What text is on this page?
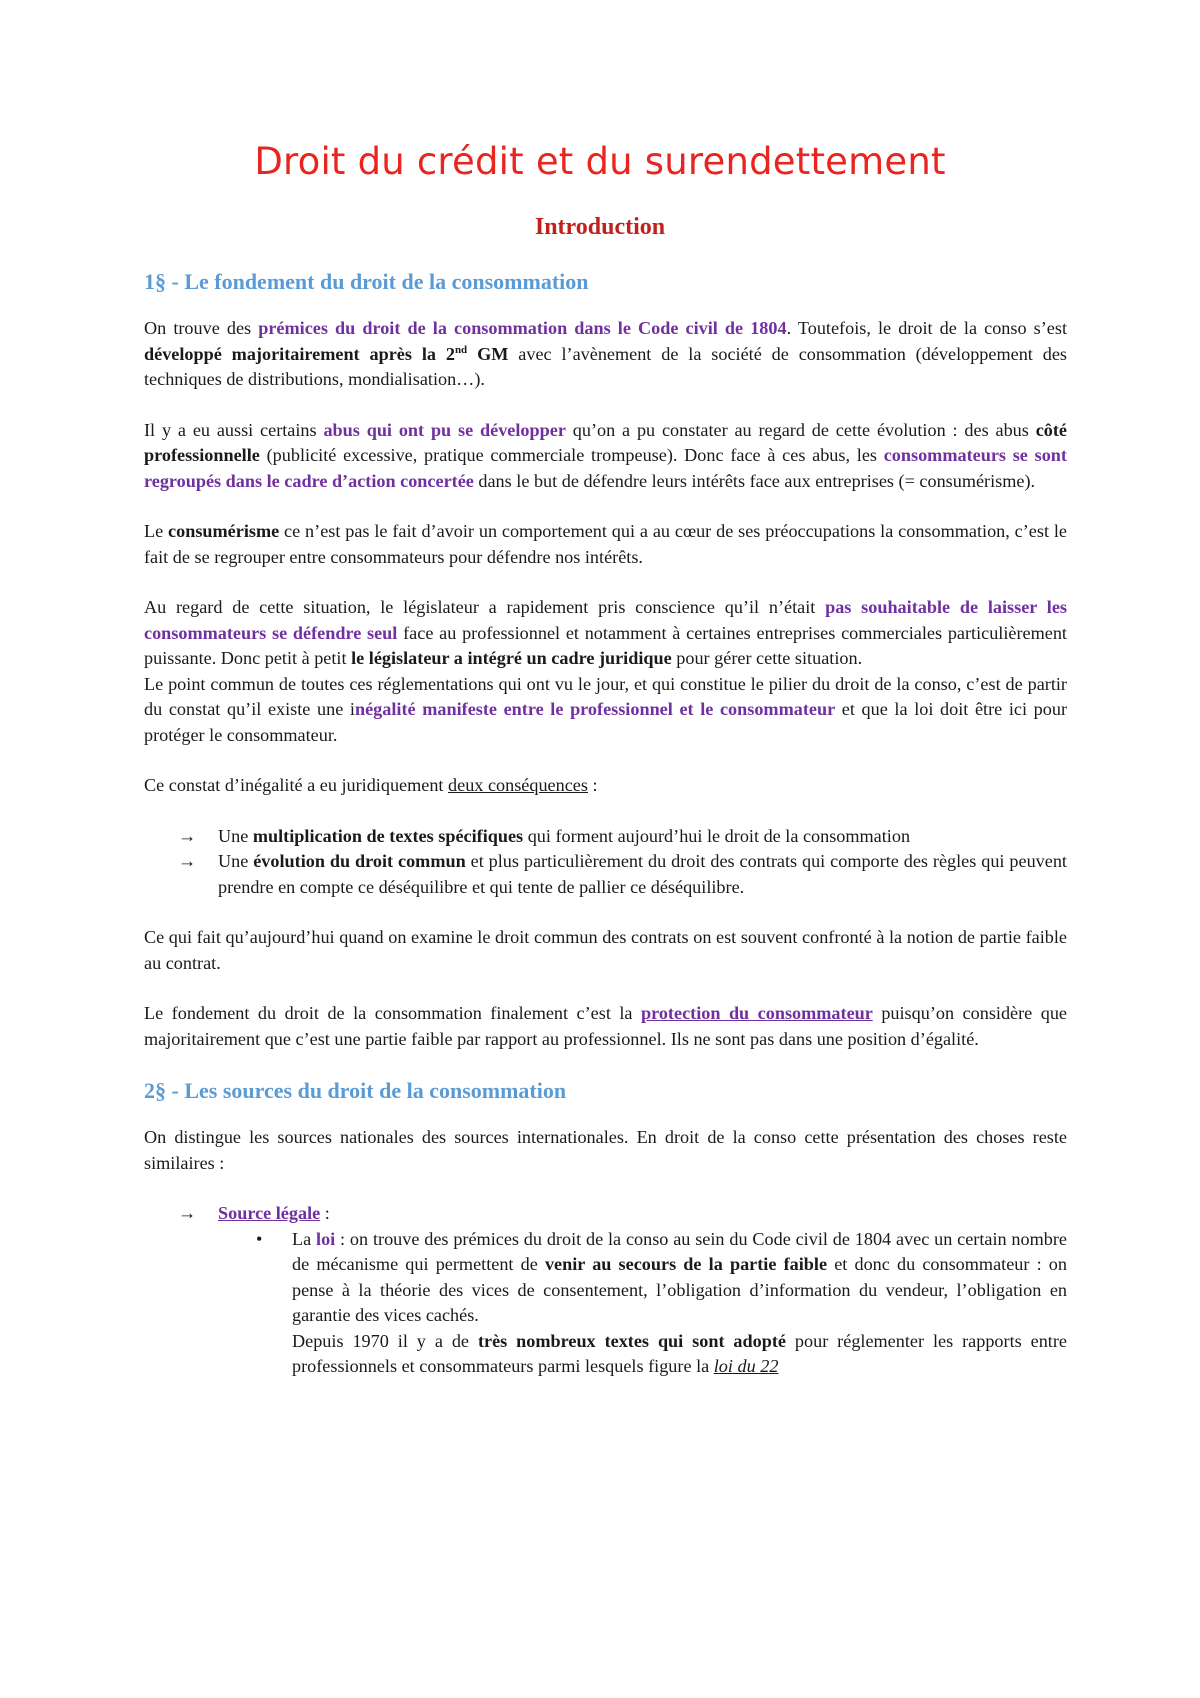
Droit du crédit et du surendettement
Introduction
1§ - Le fondement du droit de la consommation

On trouve des prémices du droit de la consommation dans le Code civil de 1804. Toutefois, le droit de la conso s’est développé majoritairement après la 2nd GM avec l’avènement de la société de consommation (développement des techniques de distributions, mondialisation…).

Il y a eu aussi certains abus qui ont pu se développer qu’on a pu constater au regard de cette évolution : des abus côté professionnelle (publicité excessive, pratique commerciale trompeuse). Donc face à ces abus, les consommateurs se sont regroupés dans le cadre d’action concertée dans le but de défendre leurs intérêts face aux entreprises (= consumérisme).

Le consumérisme ce n’est pas le fait d’avoir un comportement qui a au cœur de ses préoccupations la consommation, c’est le fait de se regrouper entre consommateurs pour défendre nos intérêts.

Au regard de cette situation, le législateur a rapidement pris conscience qu’il n’était pas souhaitable de laisser les consommateurs se défendre seul face au professionnel et notamment à certaines entreprises commerciales particulièrement puissante. Donc petit à petit le législateur a intégré un cadre juridique pour gérer cette situation.

Le point commun de toutes ces réglementations qui ont vu le jour, et qui constitue le pilier du droit de la conso, c’est de partir du constat qu’il existe une inégalité manifeste entre le professionnel et le consommateur et que la loi doit être ici pour protéger le consommateur.

Ce constat d’inégalité a eu juridiquement deux conséquences :

→ Une multiplication de textes spécifiques qui forment aujourd’hui le droit de la consommation
→ Une évolution du droit commun et plus particulièrement du droit des contrats qui comporte des règles qui peuvent prendre en compte ce déséquilibre et qui tente de pallier ce déséquilibre.

Ce qui fait qu’aujourd’hui quand on examine le droit commun des contrats on est souvent confronté à la notion de partie faible au contrat.

Le fondement du droit de la consommation finalement c’est la protection du consommateur puisqu’on considère que majoritairement que c’est une partie faible par rapport au professionnel. Ils ne sont pas dans une position d’égalité.

2§ - Les sources du droit de la consommation

On distingue les sources nationales des sources internationales. En droit de la conso cette présentation des choses reste similaires :

→ Source légale :
• La loi : on trouve des prémices du droit de la conso au sein du Code civil de 1804 avec un certain nombre de mécanisme qui permettent de venir au secours de la partie faible et donc du consommateur : on pense à la théorie des vices de consentement, l’obligation d’information du vendeur, l’obligation en garantie des vices cachés.
Depuis 1970 il y a de très nombreux textes qui sont adopté pour réglementer les rapports entre professionnels et consommateurs parmi lesquels figure la loi du 22
